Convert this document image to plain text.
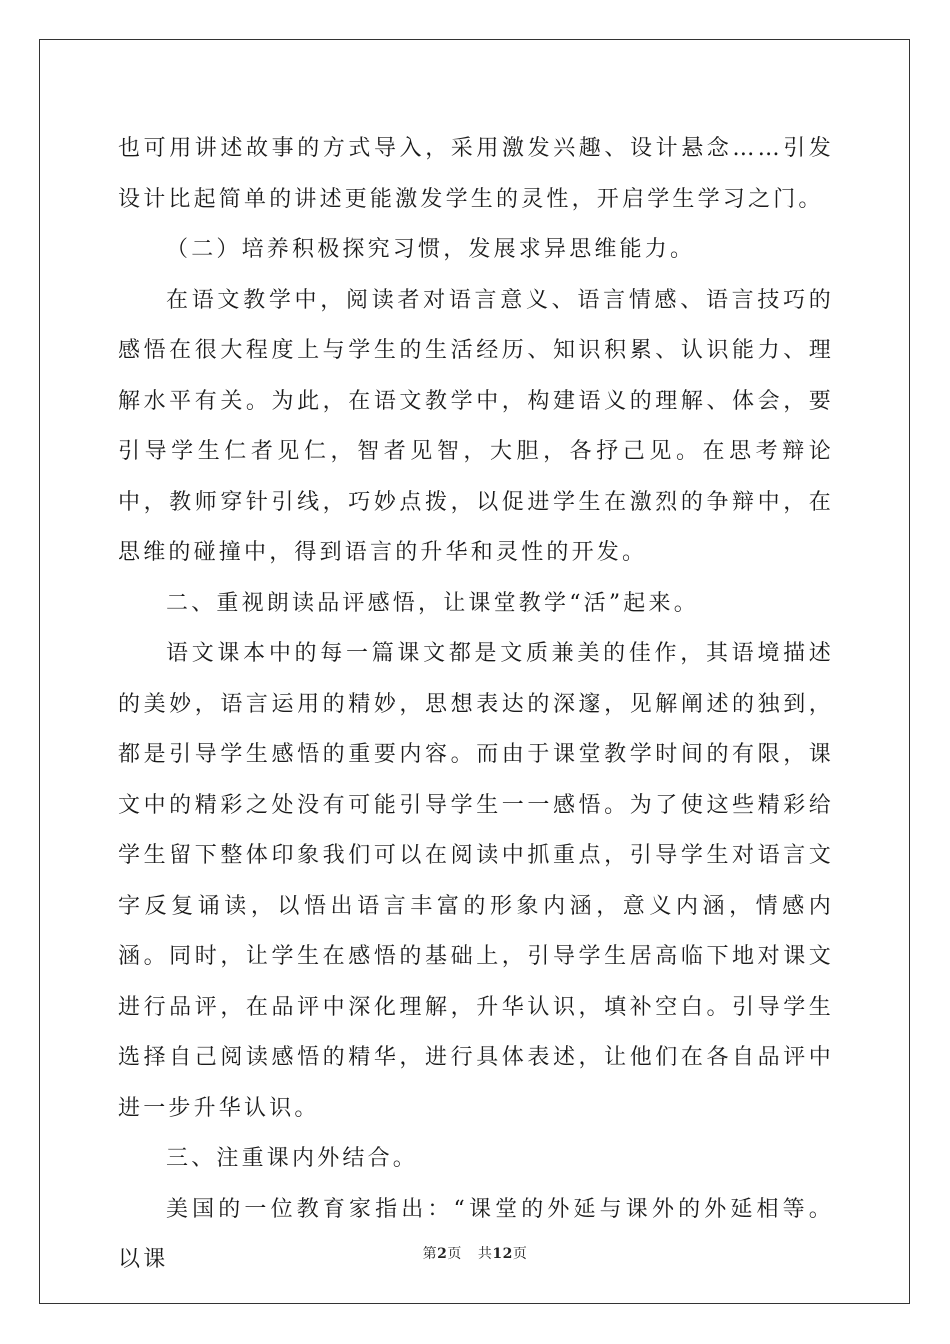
也可用讲述故事的方式导入，采用激发兴趣、设计悬念……引发设计比起简单的讲述更能激发学生的灵性，开启学生学习之门。

（二）培养积极探究习惯，发展求异思维能力。

在语文教学中，阅读者对语言意义、语言情感、语言技巧的感悟在很大程度上与学生的生活经历、知识积累、认识能力、理解水平有关。为此，在语文教学中，构建语义的理解、体会，要引导学生仁者见仁，智者见智，大胆，各抒己见。在思考辩论中，教师穿针引线，巧妙点拨，以促进学生在激烈的争辩中，在思维的碰撞中，得到语言的升华和灵性的开发。

二、重视朗读品评感悟，让课堂教学“活”起来。

语文课本中的每一篇课文都是文质兼美的佳作，其语境描述的美妙，语言运用的精妙，思想表达的深邃，见解阐述的独到，都是引导学生感悟的重要内容。而由于课堂教学时间的有限，课文中的精彩之处没有可能引导学生一一感悟。为了使这些精彩给学生留下整体印象我们可以在阅读中抓重点，引导学生对语言文字反复诵读，以悟出语言丰富的形象内涵，意义内涵，情感内涵。同时，让学生在感悟的基础上，引导学生居高临下地对课文进行品评，在品评中深化理解，升华认识，填补空白。引导学生选择自己阅读感悟的精华，进行具体表述，让他们在各自品评中进一步升华认识。

三、注重课内外结合。

美国的一位教育家指出：“课堂的外延与课外的外延相等。以课	第2页 共12页
